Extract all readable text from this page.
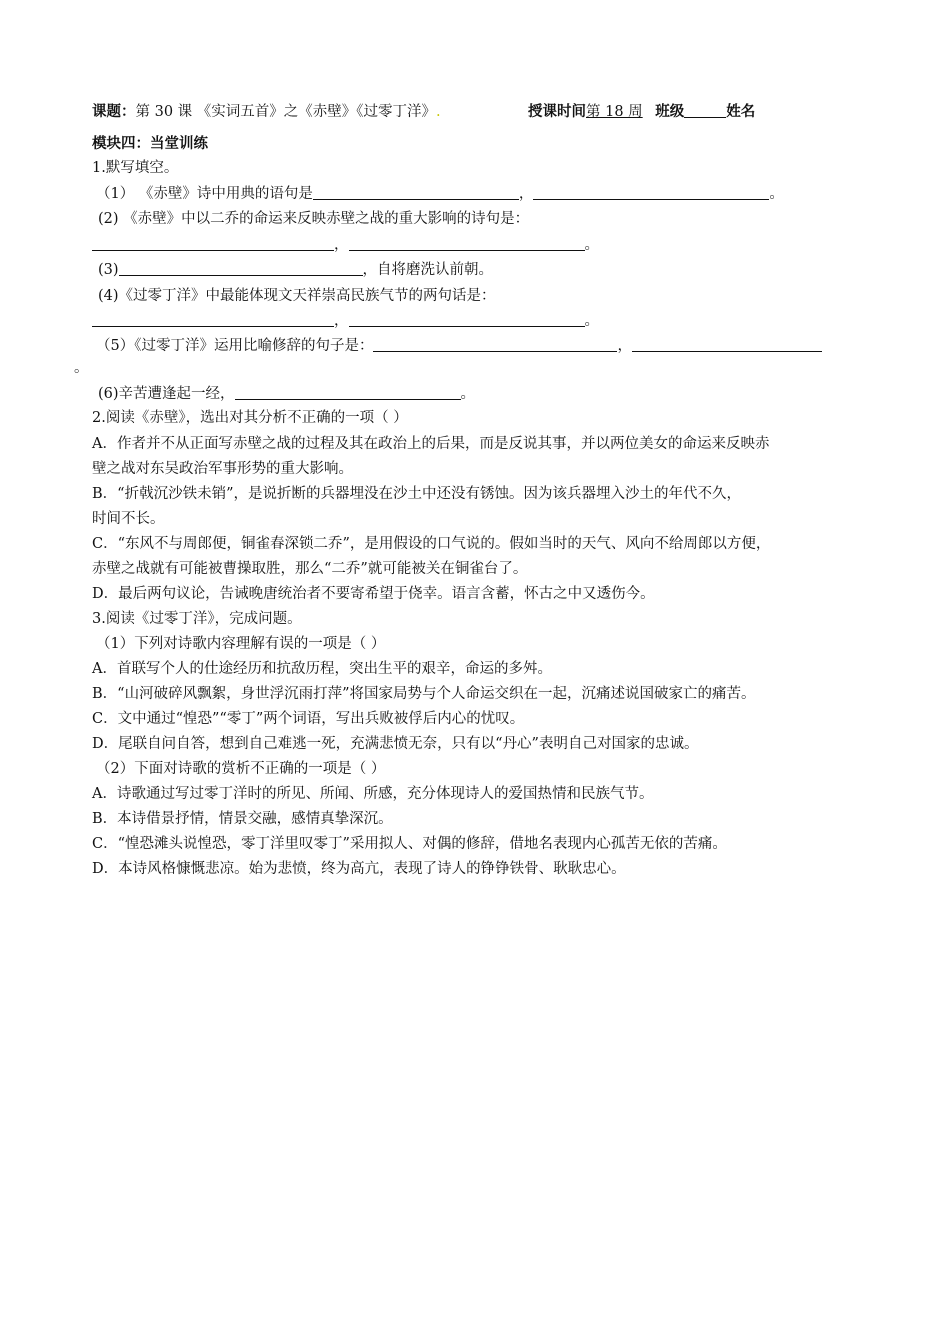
课题：第 30 课 《实词五首》之《赤壁》《过零丁洋》.	授课时间第 18 周 班级	姓名
模块四：当堂训练
1.默写填空。
（1） 《赤壁》诗中用典的语句是	，	。
(2) 《赤壁》中以二乔的命运来反映赤壁之战的重大影响的诗句是：
，	。
(3)	，自将磨洗认前朝。
(4)《过零丁洋》中最能体现文天祥崇高民族气节的两句话是：
，	。
（5）《过零丁洋》运用比喻修辞的句子是：	，
。
(6)辛苦遭逢起一经，	。
2.阅读《赤壁》，选出对其分析不正确的一项（ ）
A．作者并不从正面写赤壁之战的过程及其在政治上的后果，而是反说其事，并以两位美女的命运来反映赤
壁之战对东吴政治军事形势的重大影响。
B．“折戟沉沙铁未销”，是说折断的兵器埋没在沙土中还没有锈蚀。因为该兵器埋入沙土的年代不久，
时间不长。
C．“东风不与周郎便，铜雀春深锁二乔”，是用假设的口气说的。假如当时的天气、风向不给周郎以方便，
赤壁之战就有可能被曹操取胜，那么“二乔”就可能被关在铜雀台了。
D．最后两句议论，告诫晚唐统治者不要寄希望于侥幸。语言含蓄，怀古之中又透伤今。
3.阅读《过零丁洋》，完成问题。
（1）下列对诗歌内容理解有误的一项是（ ）
A．首联写个人的仕途经历和抗敌历程，突出生平的艰辛，命运的多舛。
B．“山河破碎风飘絮，身世浮沉雨打萍”将国家局势与个人命运交织在一起，沉痛述说国破家亡的痛苦。
C．文中通过“惶恐”“零丁”两个词语，写出兵败被俘后内心的忧叹。
D．尾联自问自答，想到自己难逃一死，充满悲愤无奈，只有以“丹心”表明自己对国家的忠诚。
（2）下面对诗歌的赏析不正确的一项是（ ）
A．诗歌通过写过零丁洋时的所见、所闻、所感，充分体现诗人的爱国热情和民族气节。
B．本诗借景抒情，情景交融，感情真挚深沉。
C．“惶恐滩头说惶恐，零丁洋里叹零丁”采用拟人、对偶的修辞，借地名表现内心孤苦无依的苦痛。
D．本诗风格慷慨悲凉。始为悲愤，终为高亢，表现了诗人的铮铮铁骨、耿耿忠心。
